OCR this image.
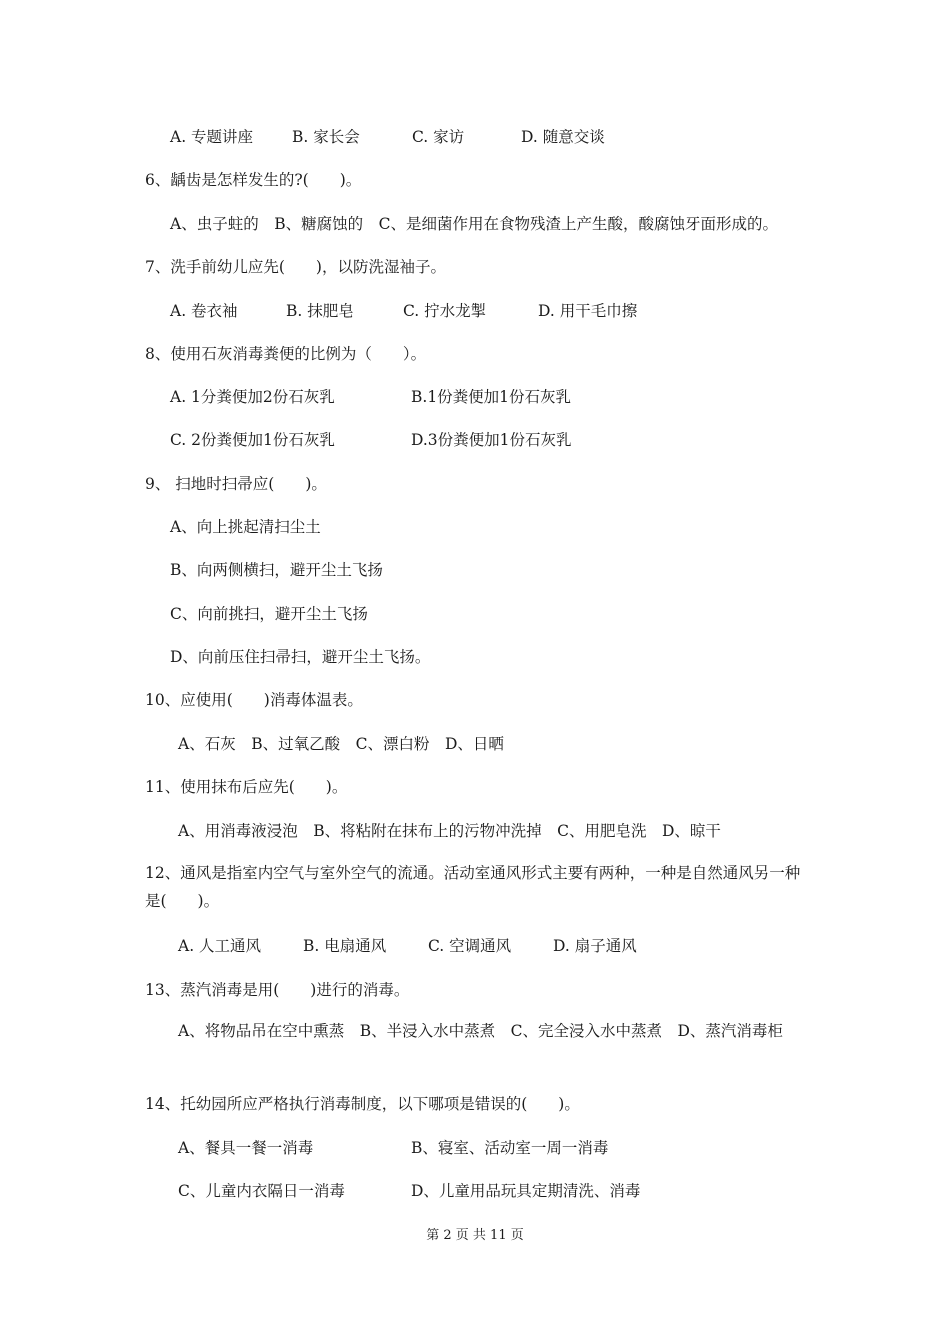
A. 专题讲座	B. 家长会	C. 家访	D. 随意交谈
6、龋齿是怎样发生的?(　　)。
A、虫子蛀的　B、糖腐蚀的　C、是细菌作用在食物残渣上产生酸，酸腐蚀牙面形成的。
7、洗手前幼儿应先(　　)，以防洗湿袖子。
A. 卷衣袖	B. 抹肥皂	C. 拧水龙掣	D. 用干毛巾擦
8、使用石灰消毒粪便的比例为（　　）。
A. 1分粪便加2份石灰乳	B.1份粪便加1份石灰乳
C. 2份粪便加1份石灰乳	D.3份粪便加1份石灰乳
9、 扫地时扫帚应(　　)。
A、向上挑起清扫尘土
B、向两侧横扫，避开尘土飞扬
C、向前挑扫，避开尘土飞扬
D、向前压住扫帚扫，避开尘土飞扬。
10、应使用(　　)消毒体温表。
A、石灰　B、过氧乙酸　C、漂白粉　D、日晒
11、使用抹布后应先(　　)。
A、用消毒液浸泡　B、将粘附在抹布上的污物冲洗掉　C、用肥皂洗　D、晾干
12、通风是指室内空气与室外空气的流通。活动室通风形式主要有两种，一种是自然通风另一种是(　　)。
A. 人工通风	B. 电扇通风	C. 空调通风	D. 扇子通风
13、蒸汽消毒是用(　　)进行的消毒。
A、将物品吊在空中熏蒸　B、半浸入水中蒸煮　C、完全浸入水中蒸煮　D、蒸汽消毒柜
14、托幼园所应严格执行消毒制度，以下哪项是错误的(　　)。
A、餐具一餐一消毒	B、寝室、活动室一周一消毒
C、儿童内衣隔日一消毒	D、儿童用品玩具定期清洗、消毒
第 2 页 共 11 页
